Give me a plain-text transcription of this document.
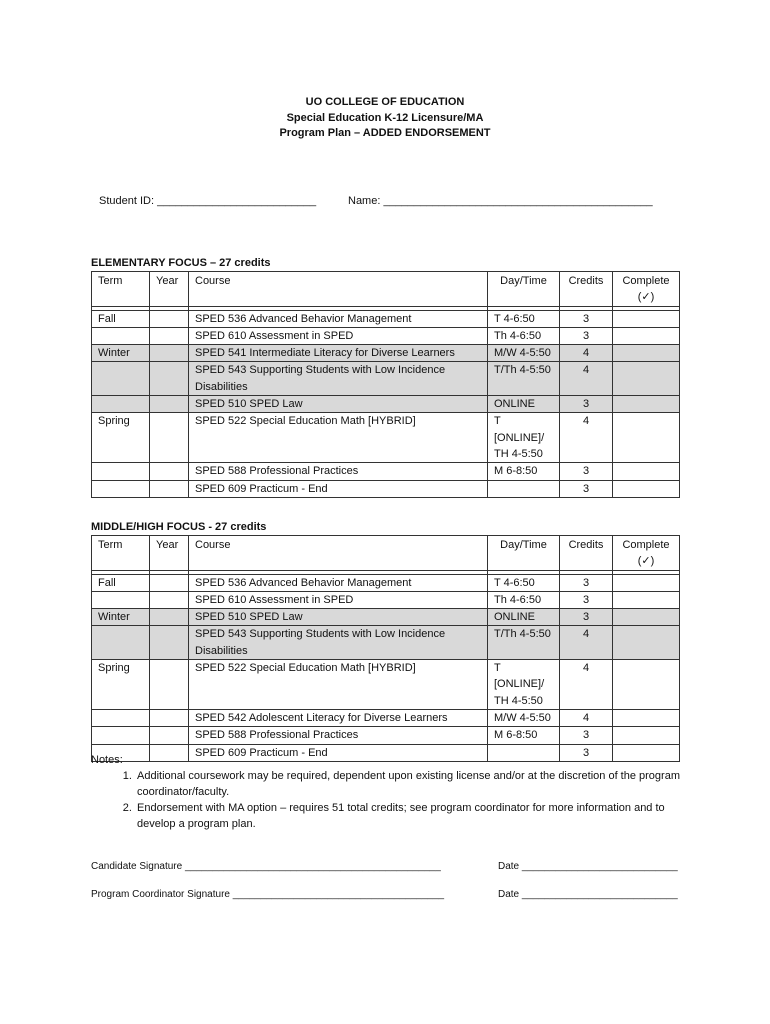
UO COLLEGE OF EDUCATION
Special Education K-12 Licensure/MA
Program Plan – ADDED ENDORSEMENT
Student ID: __________________________	Name: ____________________________________________
ELEMENTARY FOCUS – 27 credits
Term	Year	Course	Day/Time	Credits	Complete
(✓)

Fall		SPED 536 Advanced Behavior Management	T 4-6:50	3	
		SPED 610 Assessment in SPED	Th 4-6:50	3	
Winter		SPED 541 Intermediate Literacy for Diverse Learners	M/W 4-5:50	4	
		SPED 543 Supporting Students with Low Incidence Disabilities	T/Th 4-5:50	4	
		SPED 510 SPED Law	ONLINE	3	
Spring		SPED 522 Special Education Math [HYBRID]	T [ONLINE]/ TH 4-5:50	4	
		SPED 588 Professional Practices	M 6-8:50	3	
		SPED 609 Practicum - End		3	
MIDDLE/HIGH FOCUS - 27 credits
Term	Year	Course	Day/Time	Credits	Complete
(✓)

Fall		SPED 536 Advanced Behavior Management	T 4-6:50	3	
		SPED 610 Assessment in SPED	Th 4-6:50	3	
Winter		SPED 510 SPED Law	ONLINE	3	
		SPED 543 Supporting Students with Low Incidence Disabilities	T/Th 4-5:50	4	
Spring		SPED 522 Special Education Math [HYBRID]	T [ONLINE]/ TH 4-5:50	4	
		SPED 542 Adolescent Literacy for Diverse Learners	M/W 4-5:50	4	
		SPED 588 Professional Practices	M 6-8:50	3	
		SPED 609 Practicum - End		3	
Notes:
1. Additional coursework may be required, dependent upon existing license and/or at the discretion of the program coordinator/faculty.
2. Endorsement with MA option – requires 51 total credits; see program coordinator for more information and to develop a program plan.
Candidate Signature ______________________________________________	Date ____________________________
Program Coordinator Signature ______________________________________	Date ____________________________
